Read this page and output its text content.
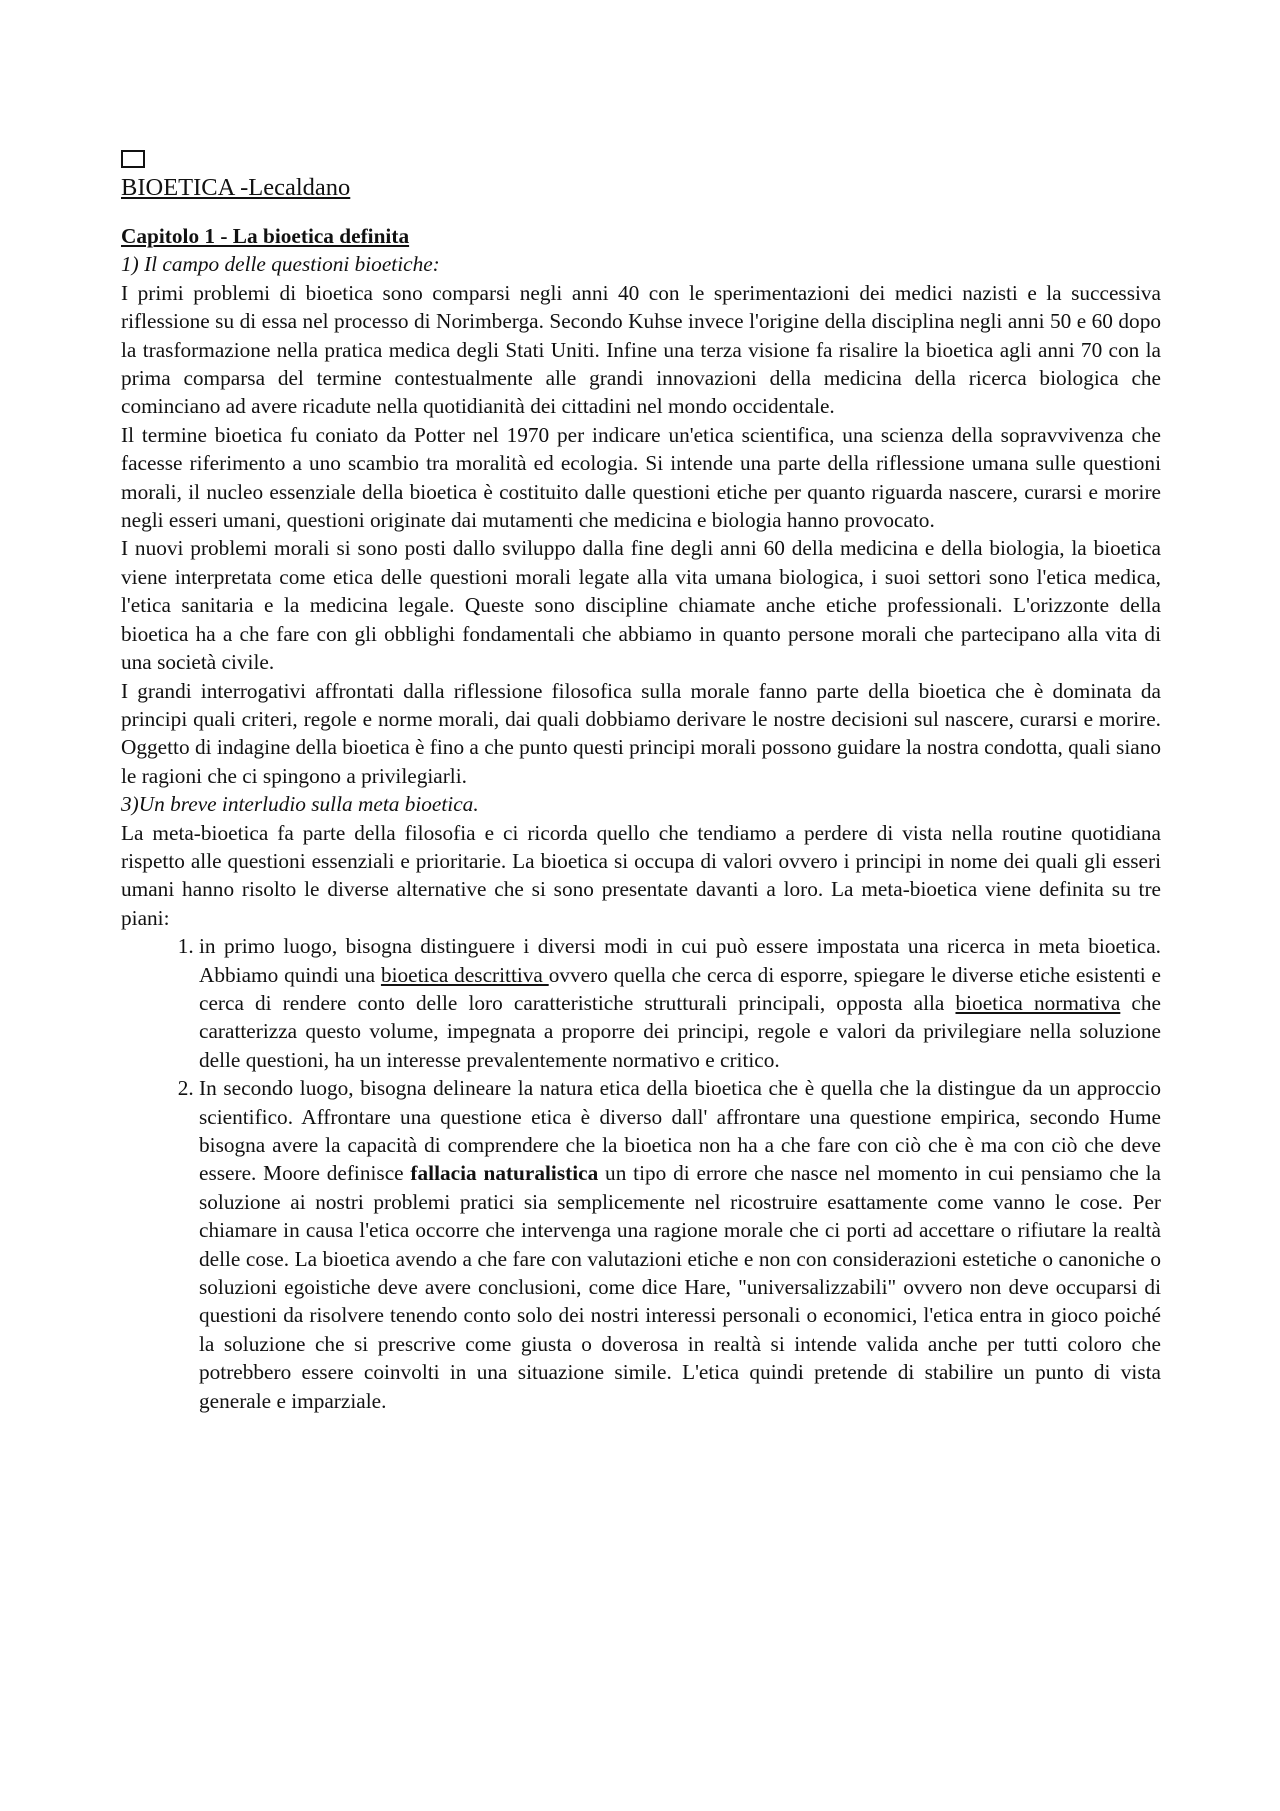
BIOETICA -Lecaldano
Capitolo 1 - La bioetica definita
1) Il campo delle questioni bioetiche:

I primi problemi di bioetica sono comparsi negli anni 40 con le sperimentazioni dei medici nazisti e la successiva riflessione su di essa nel processo di Norimberga. Secondo Kuhse invece l'origine della disciplina negli anni 50 e 60 dopo la trasformazione nella pratica medica degli Stati Uniti. Infine una terza visione fa risalire la bioetica agli anni 70 con la prima comparsa del termine contestualmente alle grandi innovazioni della medicina della ricerca biologica che cominciano ad avere ricadute nella quotidianità dei cittadini nel mondo occidentale.

Il termine bioetica fu coniato da Potter nel 1970 per indicare un'etica scientifica, una scienza della sopravvivenza che facesse riferimento a uno scambio tra moralità ed ecologia. Si intende una parte della riflessione umana sulle questioni morali, il nucleo essenziale della bioetica è costituito dalle questioni etiche per quanto riguarda nascere, curarsi e morire negli esseri umani, questioni originate dai mutamenti che medicina e biologia hanno provocato.

I nuovi problemi morali si sono posti dallo sviluppo dalla fine degli anni 60 della medicina e della biologia, la bioetica viene interpretata come etica delle questioni morali legate alla vita umana biologica, i suoi settori sono l'etica medica, l'etica sanitaria e la medicina legale. Queste sono discipline chiamate anche etiche professionali. L'orizzonte della bioetica ha a che fare con gli obblighi fondamentali che abbiamo in quanto persone morali che partecipano alla vita di una società civile.

I grandi interrogativi affrontati dalla riflessione filosofica sulla morale fanno parte della bioetica che è dominata da principi quali criteri, regole e norme morali, dai quali dobbiamo derivare le nostre decisioni sul nascere, curarsi e morire. Oggetto di indagine della bioetica è fino a che punto questi principi morali possono guidare la nostra condotta, quali siano le ragioni che ci spingono a privilegiarli.

3)Un breve interludio sulla meta bioetica.

La meta-bioetica fa parte della filosofia e ci ricorda quello che tendiamo a perdere di vista nella routine quotidiana rispetto alle questioni essenziali e prioritarie. La bioetica si occupa di valori ovvero i principi in nome dei quali gli esseri umani hanno risolto le diverse alternative che si sono presentate davanti a loro. La meta-bioetica viene definita su tre piani:

1. in primo luogo, bisogna distinguere i diversi modi in cui può essere impostata una ricerca in meta bioetica. Abbiamo quindi una bioetica descrittiva ovvero quella che cerca di esporre, spiegare le diverse etiche esistenti e cerca di rendere conto delle loro caratteristiche strutturali principali, opposta alla bioetica normativa che caratterizza questo volume, impegnata a proporre dei principi, regole e valori da privilegiare nella soluzione delle questioni, ha un interesse prevalentemente normativo e critico.
2. In secondo luogo, bisogna delineare la natura etica della bioetica che è quella che la distingue da un approccio scientifico. Affrontare una questione etica è diverso dall' affrontare una questione empirica, secondo Hume bisogna avere la capacità di comprendere che la bioetica non ha a che fare con ciò che è ma con ciò che deve essere. Moore definisce fallacia naturalistica un tipo di errore che nasce nel momento in cui pensiamo che la soluzione ai nostri problemi pratici sia semplicemente nel ricostruire esattamente come vanno le cose. Per chiamare in causa l'etica occorre che intervenga una ragione morale che ci porti ad accettare o rifiutare la realtà delle cose. La bioetica avendo a che fare con valutazioni etiche e non con considerazioni estetiche o canoniche o soluzioni egoistiche deve avere conclusioni, come dice Hare, "universalizzabili" ovvero non deve occuparsi di questioni da risolvere tenendo conto solo dei nostri interessi personali o economici, l'etica entra in gioco poiché la soluzione che si prescrive come giusta o doverosa in realtà si intende valida anche per tutti coloro che potrebbero essere coinvolti in una situazione simile. L'etica quindi pretende di stabilire un punto di vista generale e imparziale.
